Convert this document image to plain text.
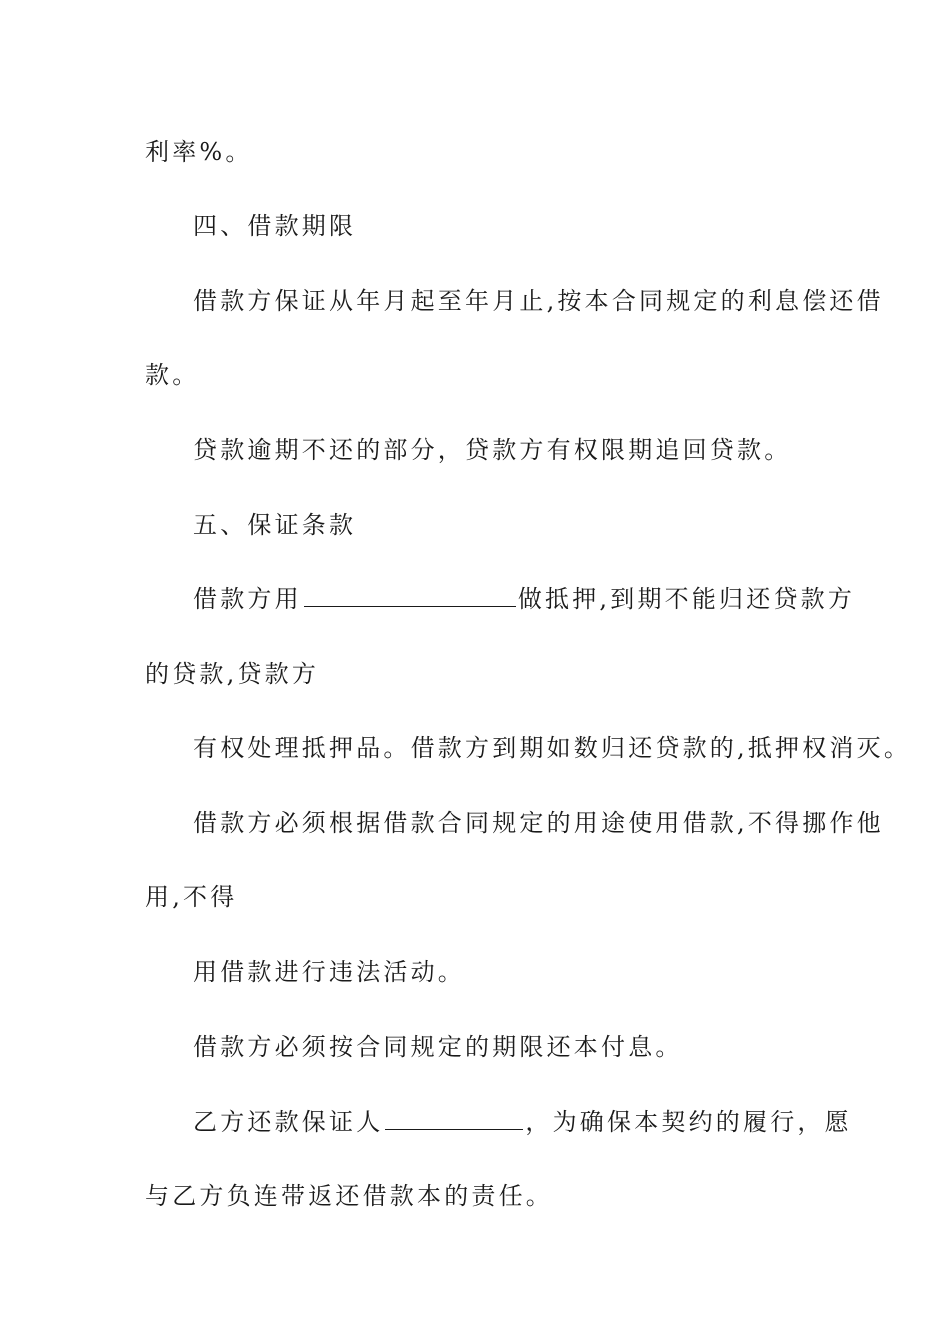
利率%。
四、借款期限
借款方保证从年月起至年月止,按本合同规定的利息偿还借
款。
贷款逾期不还的部分，贷款方有权限期追回贷款。
五、保证条款
借款方用	做抵押,到期不能归还贷款方
的贷款,贷款方
有权处理抵押品。借款方到期如数归还贷款的,抵押权消灭。
借款方必须根据借款合同规定的用途使用借款,不得挪作他
用,不得
用借款进行违法活动。
借款方必须按合同规定的期限还本付息。
乙方还款保证人	，为确保本契约的履行，愿
与乙方负连带返还借款本的责任。
